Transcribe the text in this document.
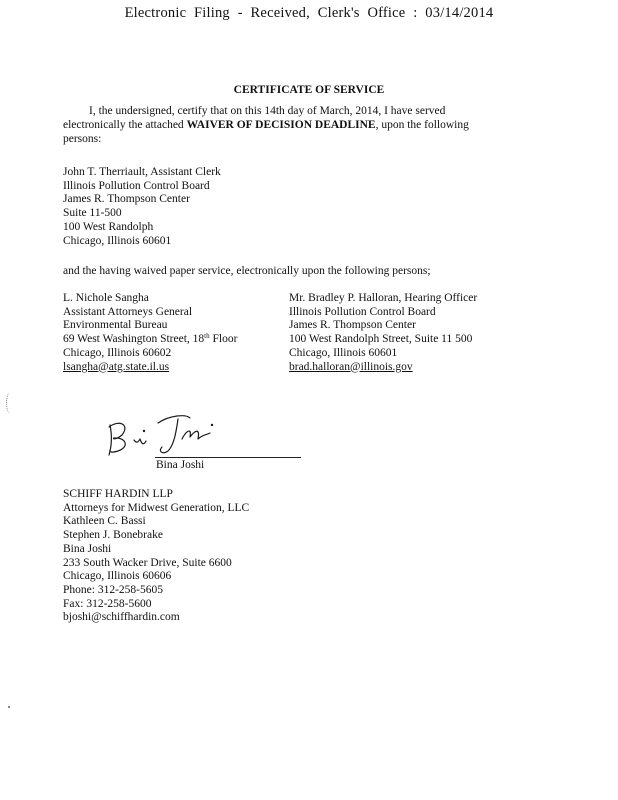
Electronic Filing - Received, Clerk's Office : 03/14/2014
CERTIFICATE OF SERVICE

I, the undersigned, certify that on this 14th day of March, 2014, I have served

electronically the attached WAIVER OF DECISION DEADLINE, upon the following

persons:

John T. Therriault, Assistant Clerk
Illinois Pollution Control Board
James R. Thompson Center
Suite 11-500
100 West Randolph
Chicago, Illinois 60601
and the having waived paper service, electronically upon the following persons;
L. Nichole Sangha
Assistant Attorneys General
Environmental Bureau
69 West Washington Street, 18th Floor
Chicago, Illinois 60602
lsangha@atg.state.il.us
Mr. Bradley P. Halloran, Hearing Officer
Illinois Pollution Control Board
James R. Thompson Center
100 West Randolph Street, Suite 11 500
Chicago, Illinois 60601
brad.halloran@illinois.gov
Bina Joshi
SCHIFF HARDIN LLP
Attorneys for Midwest Generation, LLC
Kathleen C. Bassi
Stephen J. Bonebrake
Bina Joshi
233 South Wacker Drive, Suite 6600
Chicago, Illinois 60606
Phone: 312-258-5605
Fax: 312-258-5600
bjoshi@schiffhardin.com
